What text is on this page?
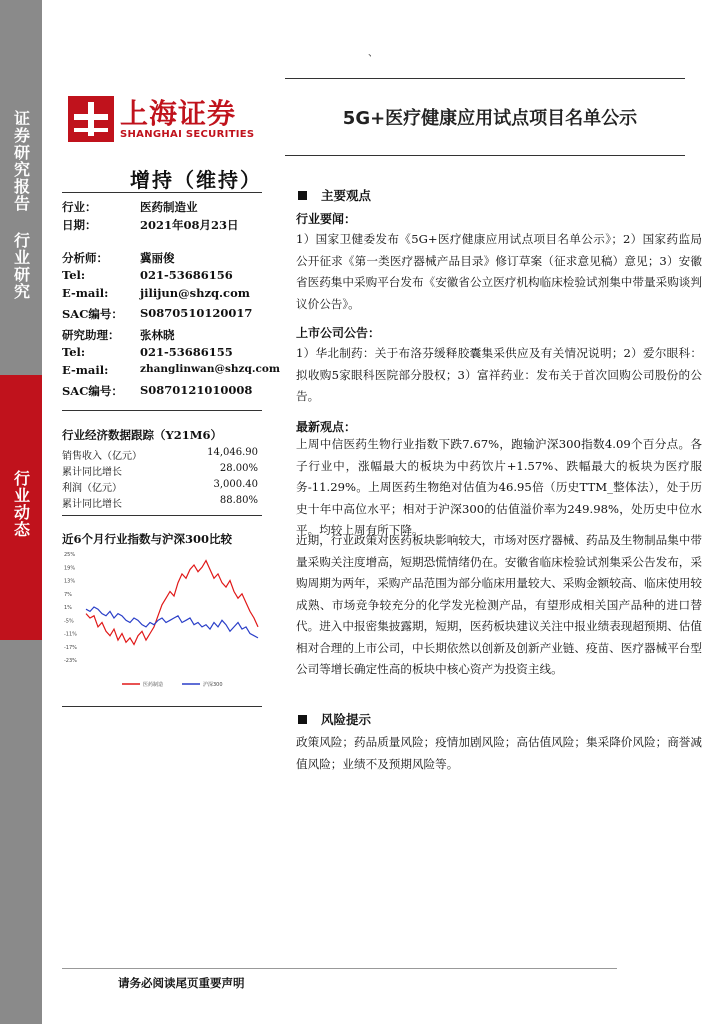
证券研究报告 行业研究
行业动态
、
上海证券
SHANGHAI SECURITIES
5G+医疗健康应用试点项目名单公示
增持（维持）
行业：	医药制造业
日期：	2021年08月23日
分析师：	冀丽俊
Tel:	021-53686156
E-mail:	jilijun@shzq.com
SAC编号：	S0870510120017
研究助理：	张林晓
Tel:	021-53686155
E-mail:	zhanglinwan@shzq.com
SAC编号：	S0870121010008
行业经济数据跟踪（Y21M6）
销售收入（亿元）	14,046.90
累计同比增长	28.00%
利润（亿元）	3,000.40
累计同比增长	88.80%
近6个月行业指数与沪深300比较
25%
19%
13%
7%
1%
-5%
-11%
-17%
-23%
医药制造	沪深300
主要观点
行业要闻：
1）国家卫健委发布《5G+医疗健康应用试点项目名单公示》；2）国家药监局公开征求《第一类医疗器械产品目录》修订草案（征求意见稿）意见；3）安徽省医药集中采购平台发布《安徽省公立医疗机构临床检验试剂集中带量采购谈判议价公告》。
上市公司公告：
1）华北制药：关于布洛芬缓释胶囊集采供应及有关情况说明；2）爱尔眼科：拟收购5家眼科医院部分股权；3）富祥药业：发布关于首次回购公司股份的公告。
最新观点：
上周中信医药生物行业指数下跌7.67%，跑输沪深300指数4.09个百分点。各子行业中，涨幅最大的板块为中药饮片+1.57%、跌幅最大的板块为医疗服务-11.29%。上周医药生物绝对估值为46.95倍（历史TTM_整体法），处于历史十年中高位水平；相对于沪深300的估值溢价率为249.98%，处历史中位水平。均较上周有所下降。
近期，行业政策对医药板块影响较大，市场对医疗器械、药品及生物制品集中带量采购关注度增高，短期恐慌情绪仍在。安徽省临床检验试剂集采公告发布，采购周期为两年，采购产品范围为部分临床用量较大、采购金额较高、临床使用较成熟、市场竞争较充分的化学发光检测产品，有望形成相关国产品种的进口替代。进入中报密集披露期，短期，医药板块建议关注中报业绩表现超预期、估值相对合理的上市公司，中长期依然以创新及创新产业链、疫苗、医疗器械平台型公司等增长确定性高的板块中核心资产为投资主线。
风险提示
政策风险；药品质量风险；疫情加剧风险；高估值风险；集采降价风险；商誉减值风险；业绩不及预期风险等。
请务必阅读尾页重要声明
